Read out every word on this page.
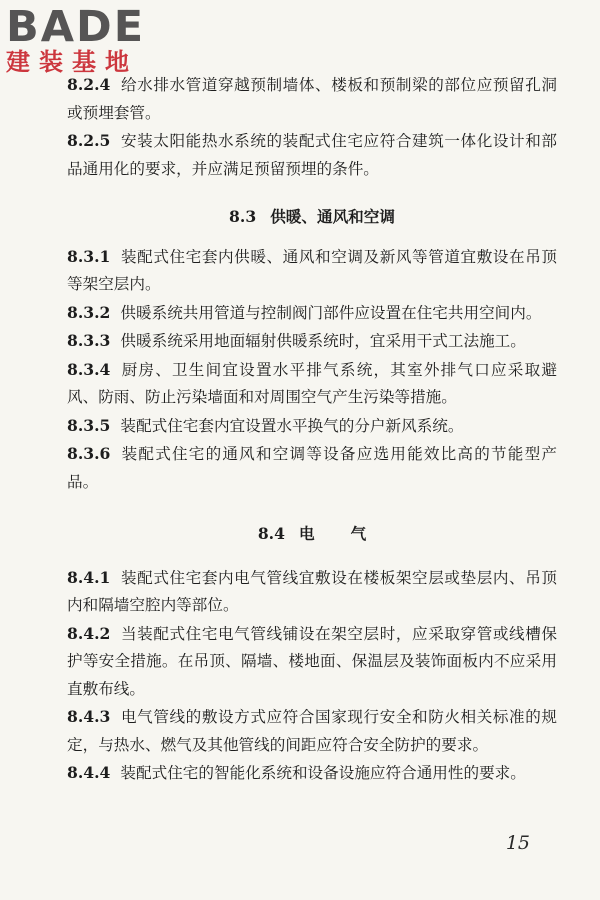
BADE
建装基地

8.2.4 给水排水管道穿越预制墙体、楼板和预制梁的部位应预留孔洞或预埋套管。

8.2.5 安装太阳能热水系统的装配式住宅应符合建筑一体化设计和部品通用化的要求，并应满足预留预埋的条件。

8.3 供暖、通风和空调

8.3.1 装配式住宅套内供暖、通风和空调及新风等管道宜敷设在吊顶等架空层内。

8.3.2 供暖系统共用管道与控制阀门部件应设置在住宅共用空间内。

8.3.3 供暖系统采用地面辐射供暖系统时，宜采用干式工法施工。

8.3.4 厨房、卫生间宜设置水平排气系统，其室外排气口应采取避风、防雨、防止污染墙面和对周围空气产生污染等措施。

8.3.5 装配式住宅套内宜设置水平换气的分户新风系统。

8.3.6 装配式住宅的通风和空调等设备应选用能效比高的节能型产品。

8.4 电气

8.4.1 装配式住宅套内电气管线宜敷设在楼板架空层或垫层内、吊顶内和隔墙空腔内等部位。

8.4.2 当装配式住宅电气管线铺设在架空层时，应采取穿管或线槽保护等安全措施。在吊顶、隔墙、楼地面、保温层及装饰面板内不应采用直敷布线。

8.4.3 电气管线的敷设方式应符合国家现行安全和防火相关标准的规定，与热水、燃气及其他管线的间距应符合安全防护的要求。

8.4.4 装配式住宅的智能化系统和设备设施应符合通用性的要求。

15
